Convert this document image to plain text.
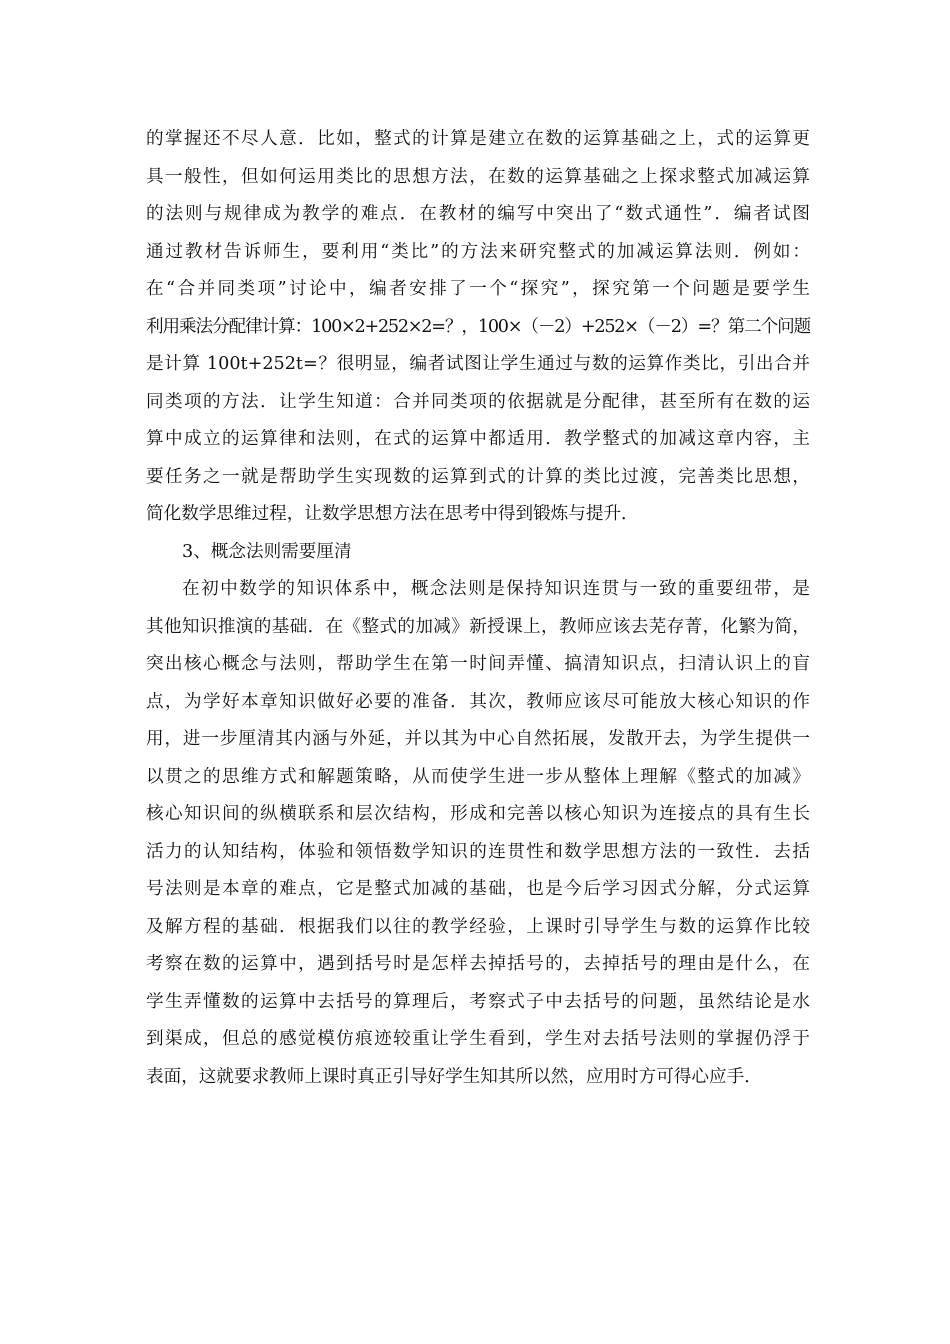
的掌握还不尽人意．比如，整式的计算是建立在数的运算基础之上，式的运算更
具一般性，但如何运用类比的思想方法，在数的运算基础之上探求整式加减运算
的法则与规律成为教学的难点．在教材的编写中突出了“数式通性”．编者试图
通过教材告诉师生，要利用“类比”的方法来研究整式的加减运算法则．例如：
在“合并同类项”讨论中，编者安排了一个“探究”，探究第一个问题是要学生
利用乘法分配律计算：100×2+252×2=？，100×（－2）+252×（－2）=？第二个问题
是计算 100t+252t=？很明显，编者试图让学生通过与数的运算作类比，引出合并
同类项的方法．让学生知道：合并同类项的依据就是分配律，甚至所有在数的运
算中成立的运算律和法则，在式的运算中都适用．教学整式的加减这章内容，主
要任务之一就是帮助学生实现数的运算到式的计算的类比过渡，完善类比思想，
简化数学思维过程，让数学思想方法在思考中得到锻炼与提升．
3、概念法则需要厘清
在初中数学的知识体系中，概念法则是保持知识连贯与一致的重要纽带，是
其他知识推演的基础．在《整式的加减》新授课上，教师应该去芜存菁，化繁为简，
突出核心概念与法则，帮助学生在第一时间弄懂、搞清知识点，扫清认识上的盲
点，为学好本章知识做好必要的准备．其次，教师应该尽可能放大核心知识的作
用，进一步厘清其内涵与外延，并以其为中心自然拓展，发散开去，为学生提供一
以贯之的思维方式和解题策略，从而使学生进一步从整体上理解《整式的加减》
核心知识间的纵横联系和层次结构，形成和完善以核心知识为连接点的具有生长
活力的认知结构，体验和领悟数学知识的连贯性和数学思想方法的一致性．去括
号法则是本章的难点，它是整式加减的基础，也是今后学习因式分解，分式运算
及解方程的基础．根据我们以往的教学经验，上课时引导学生与数的运算作比较
考察在数的运算中，遇到括号时是怎样去掉括号的，去掉括号的理由是什么，在
学生弄懂数的运算中去括号的算理后，考察式子中去括号的问题，虽然结论是水
到渠成，但总的感觉模仿痕迹较重让学生看到，学生对去括号法则的掌握仍浮于
表面，这就要求教师上课时真正引导好学生知其所以然，应用时方可得心应手．
